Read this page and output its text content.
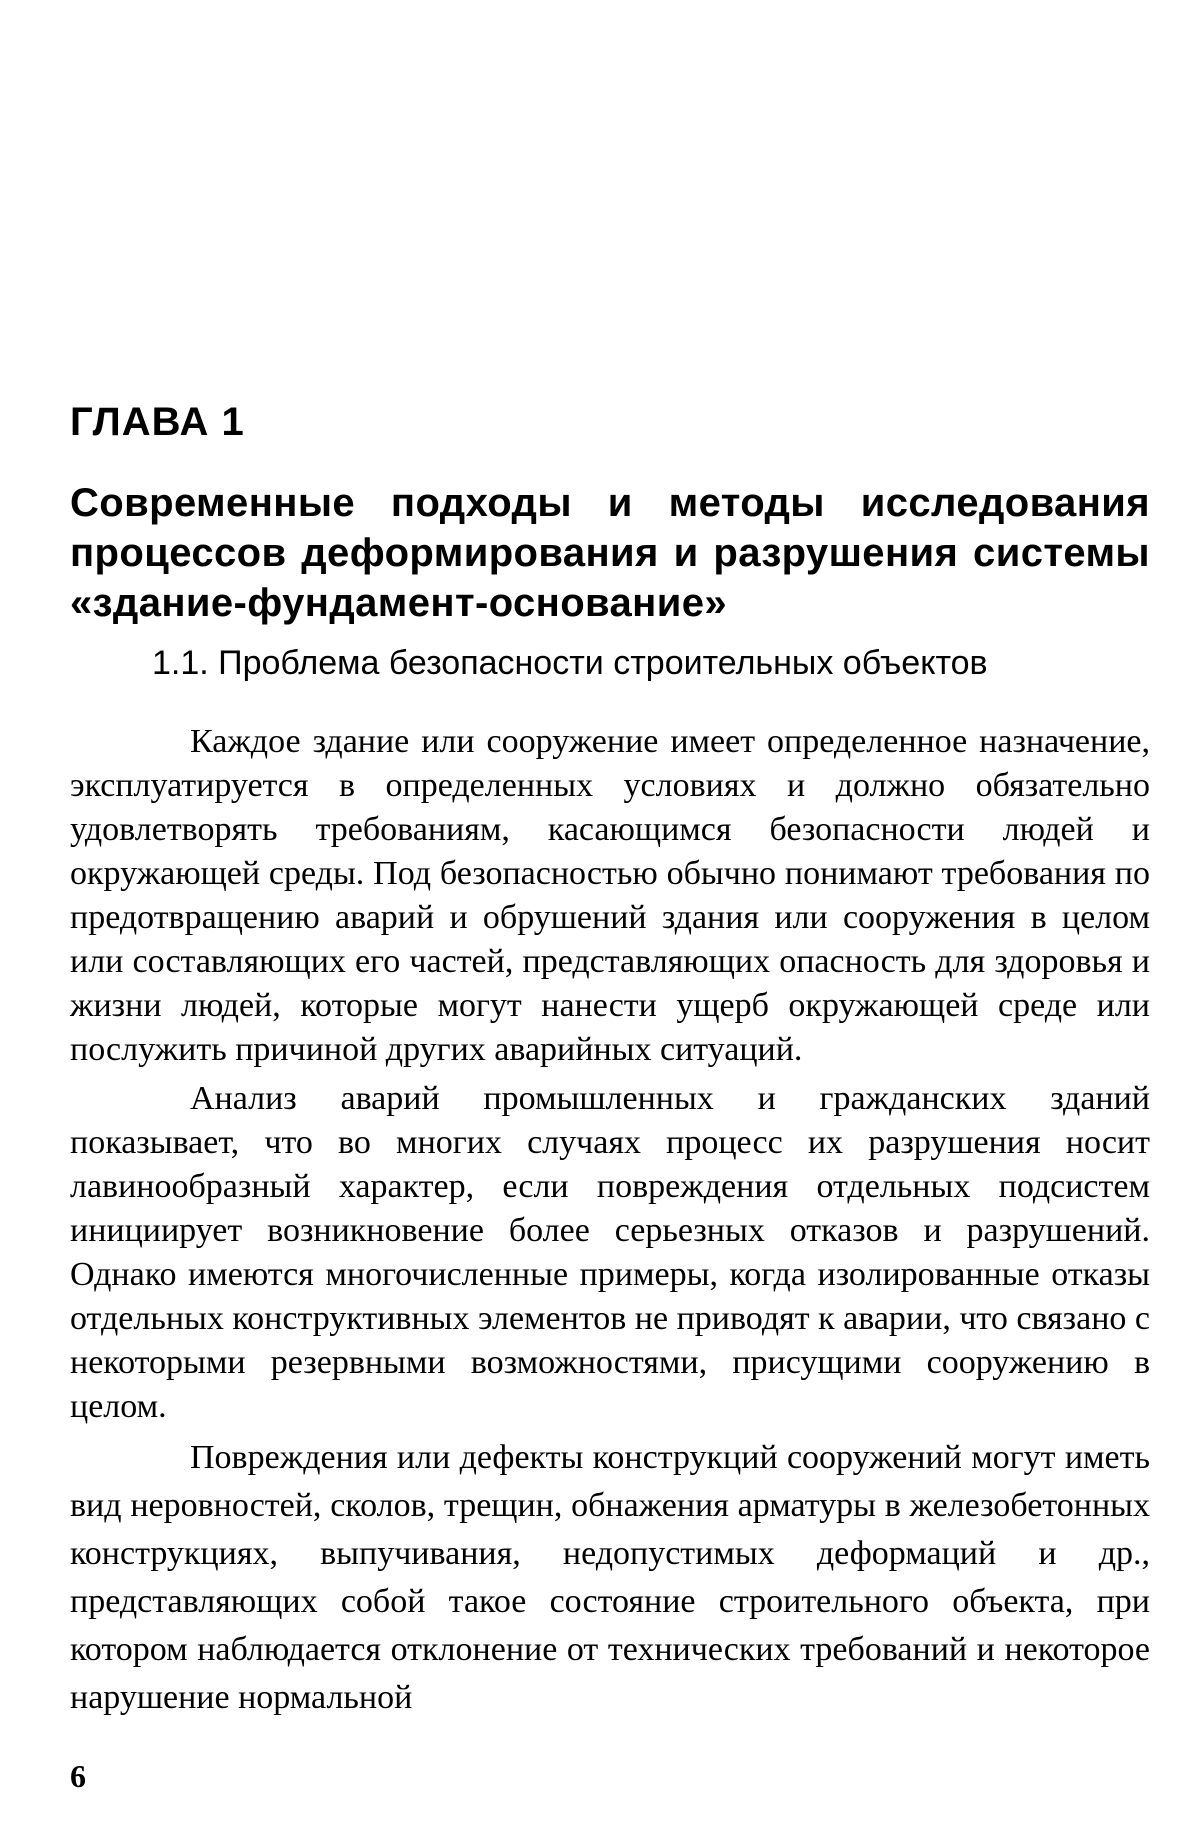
ГЛАВА 1
Современные подходы и методы исследования процессов деформирования и разрушения системы «здание-фундамент-основание»
1.1. Проблема безопасности строительных объектов

Каждое здание или сооружение имеет определенное назначение, эксплуатируется в определенных условиях и должно обязательно удовлетворять требованиям, касающимся безопасности людей и окружающей среды. Под безопасностью обычно понимают требования по предотвращению аварий и обрушений здания или сооружения в целом или составляющих его частей, представляющих опасность для здоровья и жизни людей, которые могут нанести ущерб окружающей среде или послужить причиной других аварийных ситуаций.

Анализ аварий промышленных и гражданских зданий показывает, что во многих случаях процесс их разрушения носит лавинообразный характер, если повреждения отдельных подсистем инициирует возникновение более серьезных отказов и разрушений. Однако имеются многочисленные примеры, когда изолированные отказы отдельных конструктивных элементов не приводят к аварии, что связано с некоторыми резервными возможностями, присущими сооружению в целом.

Повреждения или дефекты конструкций сооружений могут иметь вид неровностей, сколов, трещин, обнажения арматуры в железобетонных конструкциях, выпучивания, недопустимых деформаций и др., представляющих собой такое состояние строительного объекта, при котором наблюдается отклонение от технических требований и некоторое нарушение нормальной

6
